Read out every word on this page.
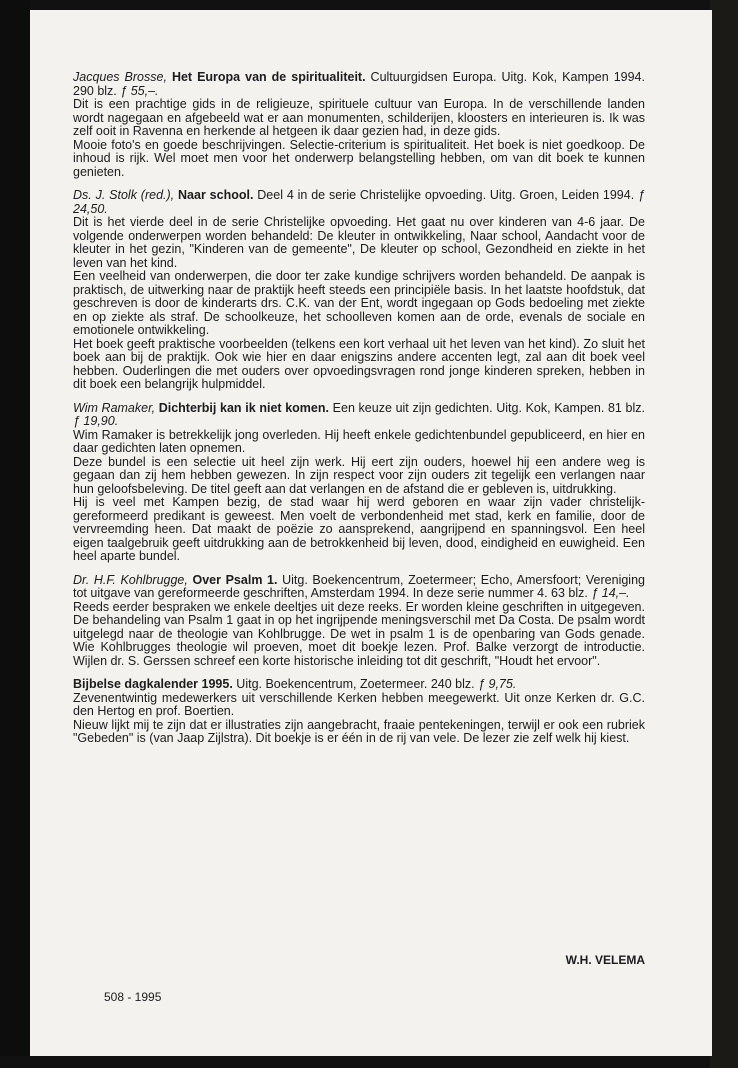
Jacques Brosse, Het Europa van de spiritualiteit. Cultuurgidsen Europa. Uitg. Kok, Kampen 1994. 290 blz. ƒ 55,–.

Dit is een prachtige gids in de religieuze, spirituele cultuur van Europa. In de verschillende landen wordt nagegaan en afgebeeld wat er aan monumenten, schilderijen, kloosters en interieuren is. Ik was zelf ooit in Ravenna en herkende al hetgeen ik daar gezien had, in deze gids.

Mooie foto's en goede beschrijvingen. Selectie-criterium is spiritualiteit. Het boek is niet goedkoop. De inhoud is rijk. Wel moet men voor het onderwerp belangstelling hebben, om van dit boek te kunnen genieten.

Ds. J. Stolk (red.), Naar school. Deel 4 in de serie Christelijke opvoeding. Uitg. Groen, Leiden 1994. ƒ 24,50.

Dit is het vierde deel in de serie Christelijke opvoeding. Het gaat nu over kinderen van 4-6 jaar. De volgende onderwerpen worden behandeld: De kleuter in ontwikkeling, Naar school, Aandacht voor de kleuter in het gezin, "Kinderen van de gemeente", De kleuter op school, Gezondheid en ziekte in het leven van het kind.

Een veelheid van onderwerpen, die door ter zake kundige schrijvers worden behandeld. De aanpak is praktisch, de uitwerking naar de praktijk heeft steeds een principiële basis. In het laatste hoofdstuk, dat geschreven is door de kinderarts drs. C.K. van der Ent, wordt ingegaan op Gods bedoeling met ziekte en op ziekte als straf. De schoolkeuze, het schoolleven komen aan de orde, evenals de sociale en emotionele ontwikkeling.

Het boek geeft praktische voorbeelden (telkens een kort verhaal uit het leven van het kind). Zo sluit het boek aan bij de praktijk. Ook wie hier en daar enigszins andere accenten legt, zal aan dit boek veel hebben. Ouderlingen die met ouders over opvoedingsvragen rond jonge kinderen spreken, hebben in dit boek een belangrijk hulpmiddel.

Wim Ramaker, Dichterbij kan ik niet komen. Een keuze uit zijn gedichten. Uitg. Kok, Kampen. 81 blz. ƒ 19,90.

Wim Ramaker is betrekkelijk jong overleden. Hij heeft enkele gedichtenbundel gepubliceerd, en hier en daar gedichten laten opnemen.

Deze bundel is een selectie uit heel zijn werk. Hij eert zijn ouders, hoewel hij een andere weg is gegaan dan zij hem hebben gewezen. In zijn respect voor zijn ouders zit tegelijk een verlangen naar hun geloofsbeleving. De titel geeft aan dat verlangen en de afstand die er gebleven is, uitdrukking.

Hij is veel met Kampen bezig, de stad waar hij werd geboren en waar zijn vader christelijk-gereformeerd predikant is geweest. Men voelt de verbondenheid met stad, kerk en familie, door de vervreemding heen. Dat maakt de poëzie zo aansprekend, aangrijpend en spanningsvol. Een heel eigen taalgebruik geeft uitdrukking aan de betrokkenheid bij leven, dood, eindigheid en euwigheid. Een heel aparte bundel.

Dr. H.F. Kohlbrugge, Over Psalm 1. Uitg. Boekencentrum, Zoetermeer; Echo, Amersfoort; Vereniging tot uitgave van gereformeerde geschriften, Amsterdam 1994. In deze serie nummer 4. 63 blz. ƒ 14,–.

Reeds eerder bespraken we enkele deeltjes uit deze reeks. Er worden kleine geschriften in uitgegeven. De behandeling van Psalm 1 gaat in op het ingrijpende meningsverschil met Da Costa. De psalm wordt uitgelegd naar de theologie van Kohlbrugge. De wet in psalm 1 is de openbaring van Gods genade. Wie Kohlbrugges theologie wil proeven, moet dit boekje lezen. Prof. Balke verzorgt de introductie. Wijlen dr. S. Gerssen schreef een korte historische inleiding tot dit geschrift, "Houdt het ervoor".

Bijbelse dagkalender 1995. Uitg. Boekencentrum, Zoetermeer. 240 blz. ƒ 9,75.

Zevenentwintig medewerkers uit verschillende Kerken hebben meegewerkt. Uit onze Kerken dr. G.C. den Hertog en prof. Boertien.

Nieuw lijkt mij te zijn dat er illustraties zijn aangebracht, fraaie pentekeningen, terwijl er ook een rubriek "Gebeden" is (van Jaap Zijlstra). Dit boekje is er één in de rij van vele. De lezer zie zelf welk hij kiest.

W.H. VELEMA
508 - 1995
